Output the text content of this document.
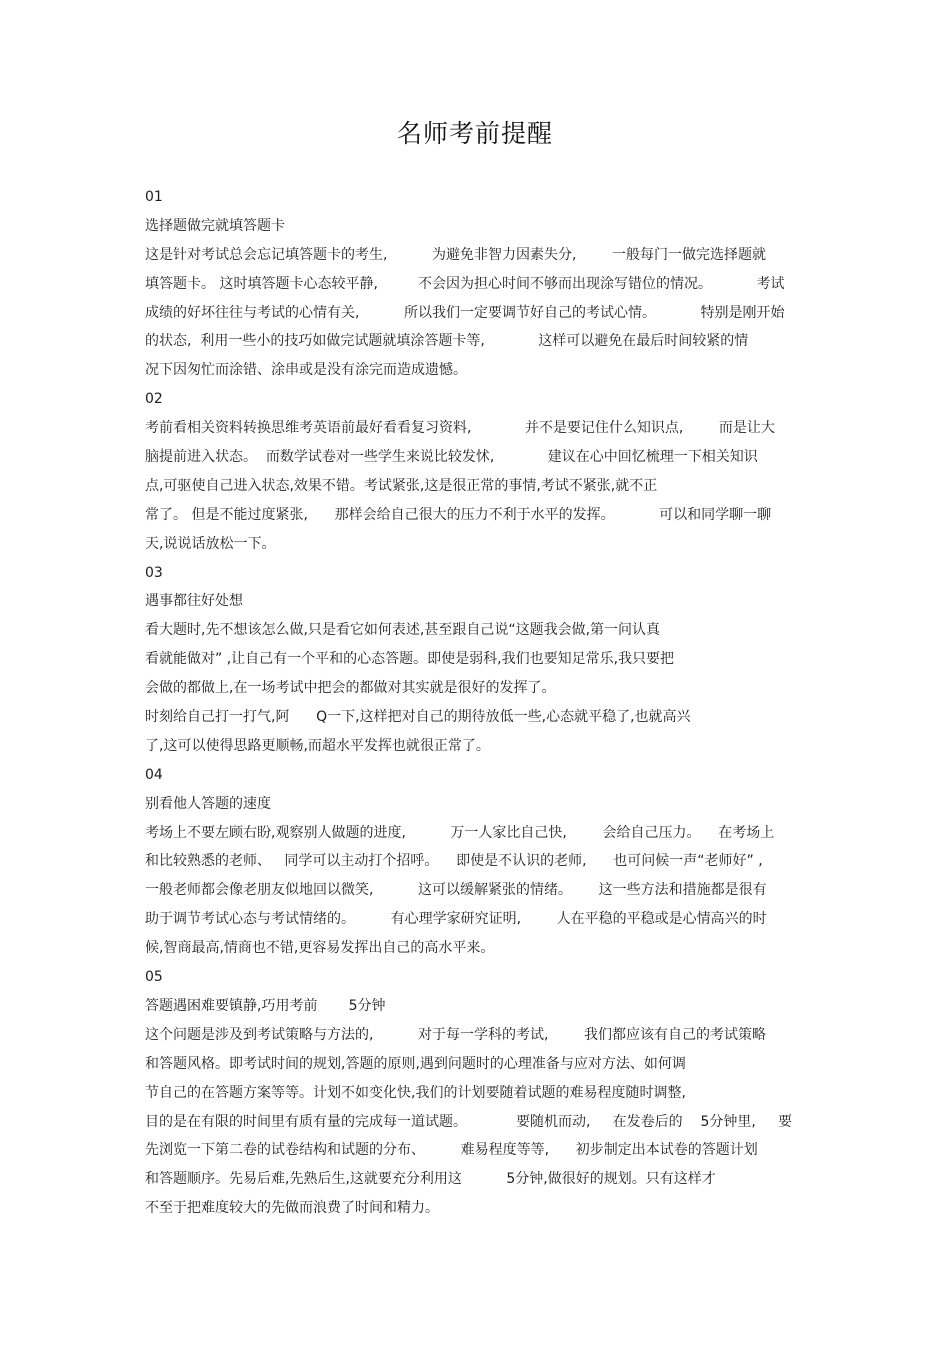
名师考前提醒
01
选择题做完就填答题卡
这是针对考试总会忘记填答题卡的考生,          为避免非智力因素失分,        一般每门一做完选择题就
填答题卡。 这时填答题卡心态较平静,         不会因为担心时间不够而出现涂写错位的情况。          考试
成绩的好坏往往与考试的心情有关,          所以我们一定要调节好自己的考试心情。          特别是刚开始
的状态,  利用一些小的技巧如做完试题就填涂答题卡等,            这样可以避免在最后时间较紧的情
况下因匆忙而涂错、涂串或是没有涂完而造成遗憾。
02
考前看相关资料转换思维考英语前最好看看复习资料,            并不是要记住什么知识点,        而是让大
脑提前进入状态。  而数学试卷对一些学生来说比较发怵,            建议在心中回忆梳理一下相关知识
点,可驱使自己进入状态,效果不错。考试紧张,这是很正常的事情,考试不紧张,就不正
常了。 但是不能过度紧张,      那样会给自己很大的压力不利于水平的发挥。          可以和同学聊一聊
天,说说话放松一下。
03
遇事都往好处想
看大题时,先不想该怎么做,只是看它如何表述,甚至跟自己说“这题我会做,第一问认真
看就能做对” ,让自己有一个平和的心态答题。即使是弱科,我们也要知足常乐,我只要把
会做的都做上,在一场考试中把会的都做对其实就是很好的发挥了。
时刻给自己打一打气,阿      Q一下,这样把对自己的期待放低一些,心态就平稳了,也就高兴
了,这可以使得思路更顺畅,而超水平发挥也就很正常了。
04
别看他人答题的速度
考场上不要左顾右盼,观察别人做题的进度,          万一人家比自己快,        会给自己压力。    在考场上
和比较熟悉的老师、   同学可以主动打个招呼。    即使是不认识的老师,      也可问候一声“老师好” ,
一般老师都会像老朋友似地回以微笑,          这可以缓解紧张的情绪。      这一些方法和措施都是很有
助于调节考试心态与考试情绪的。        有心理学家研究证明,        人在平稳的平稳或是心情高兴的时
候,智商最高,情商也不错,更容易发挥出自己的高水平来。
05
答题遇困难要镇静,巧用考前       5分钟
这个问题是涉及到考试策略与方法的,          对于每一学科的考试,        我们都应该有自己的考试策略
和答题风格。即考试时间的规划,答题的原则,遇到问题时的心理准备与应对方法、如何调
节自己的在答题方案等等。计划不如变化快,我们的计划要随着试题的难易程度随时调整,
目的是在有限的时间里有质有量的完成每一道试题。           要随机而动,     在发卷后的    5分钟里,     要
先浏览一下第二卷的试卷结构和试题的分布、        难易程度等等,      初步制定出本试卷的答题计划
和答题顺序。先易后难,先熟后生,这就要充分利用这          5分钟,做很好的规划。只有这样才
不至于把难度较大的先做而浪费了时间和精力。
